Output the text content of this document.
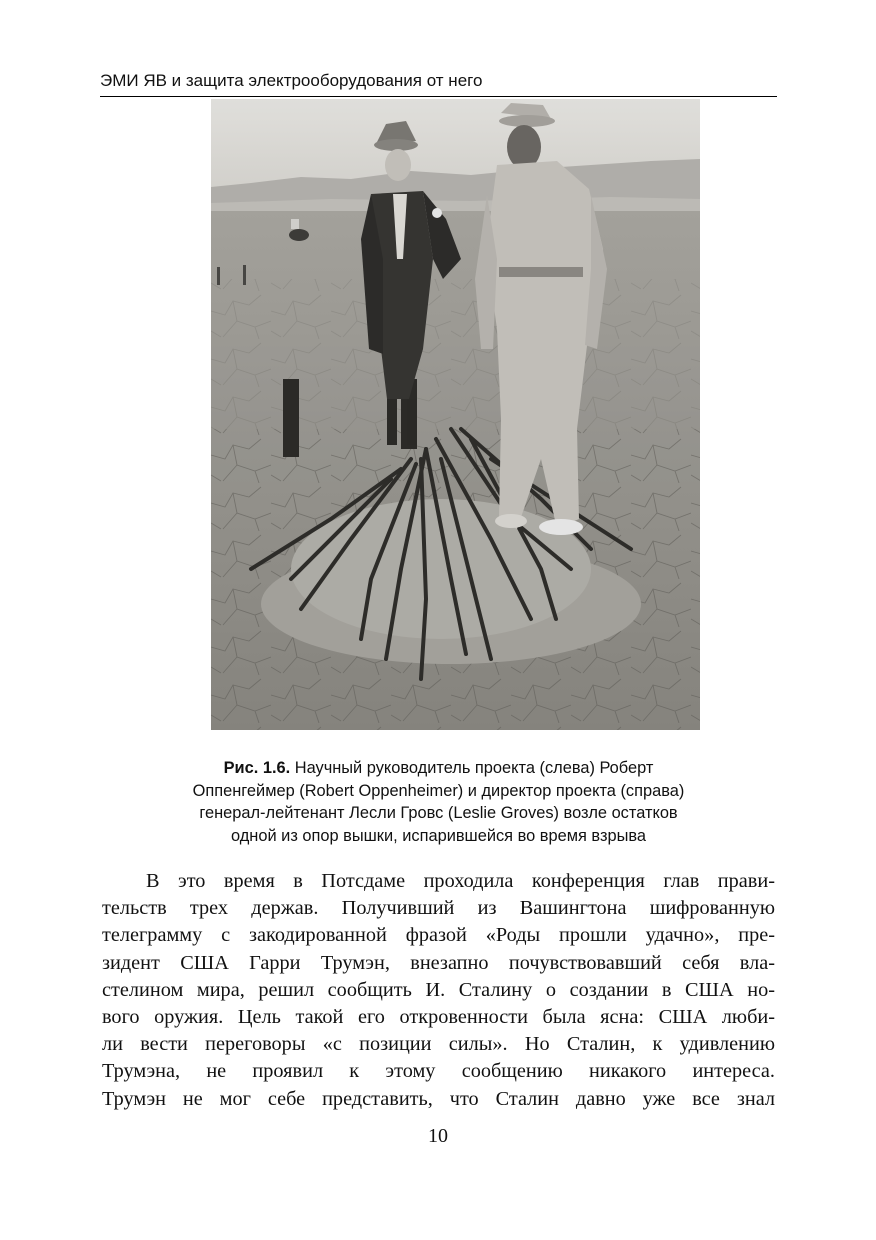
ЭМИ ЯВ и защита электрооборудования от него
Рис. 1.6. Научный руководитель проекта (слева) Роберт
Оппенгеймер (Robert Oppenheimer) и директор проекта (справа)
генерал-лейтенант Лесли Гровс (Leslie Groves) возле остатков
одной из опор вышки, испарившейся во время взрыва
В это время в Потсдаме проходила конференция глав прави-
тельств трех держав. Получивший из Вашингтона шифрованную
телеграмму с закодированной фразой «Роды прошли удачно», пре-
зидент США Гарри Трумэн, внезапно почувствовавший себя вла-
стелином мира, решил сообщить И. Сталину о создании в США но-
вого оружия. Цель такой его откровенности была ясна: США люби-
ли вести переговоры «с позиции силы». Но Сталин, к удивлению
Трумэна, не проявил к этому сообщению никакого интереса.
Трумэн не мог себе представить, что Сталин давно уже все знал
10
